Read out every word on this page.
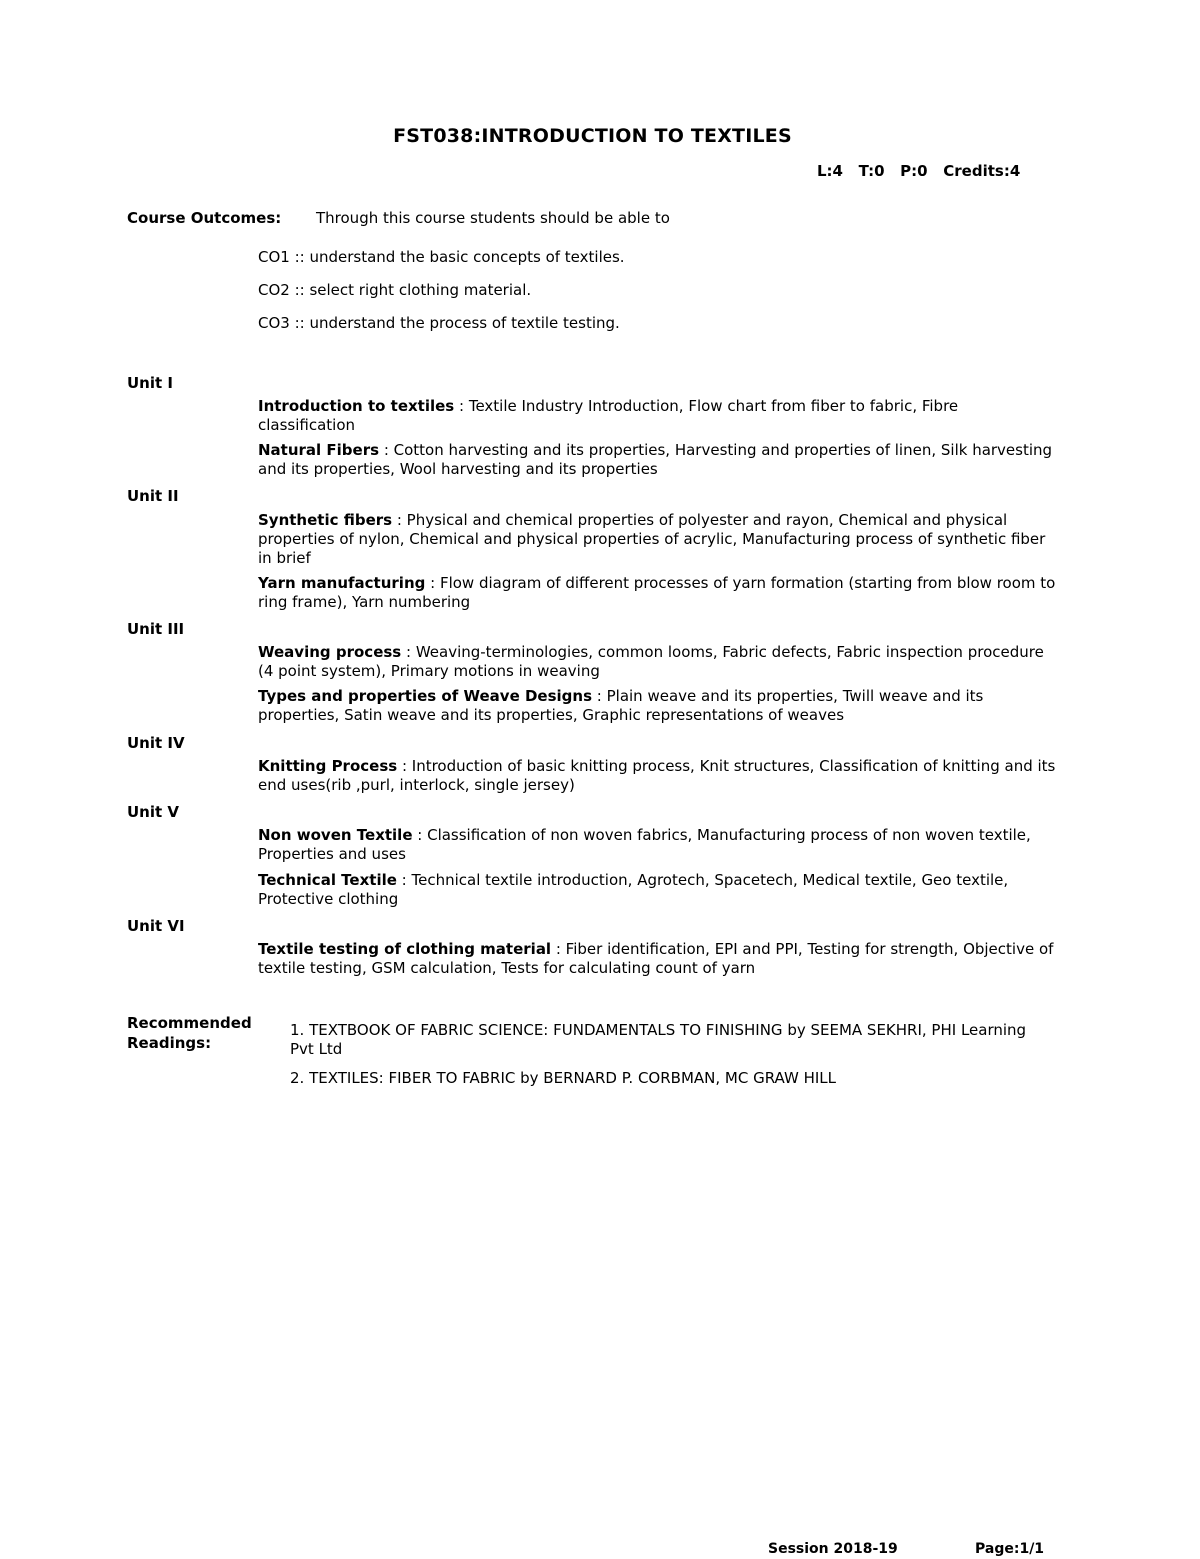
FST038:INTRODUCTION TO TEXTILES
L:4   T:0   P:0   Credits:4
Course Outcomes: Through this course students should be able to
CO1 :: understand the basic concepts of textiles.
CO2 :: select right clothing material.
CO3 :: understand the process of textile testing.
Unit I
Introduction to textiles : Textile Industry Introduction, Flow chart from fiber to fabric, Fibre classification
Natural Fibers : Cotton harvesting and its properties, Harvesting and properties of linen, Silk harvesting and its properties, Wool harvesting and its properties
Unit II
Synthetic fibers : Physical and chemical properties of polyester and rayon, Chemical and physical properties of nylon, Chemical and physical properties of acrylic, Manufacturing process of synthetic fiber in brief
Yarn manufacturing : Flow diagram of different processes of yarn formation (starting from blow room to ring frame), Yarn numbering
Unit III
Weaving process : Weaving-terminologies, common looms, Fabric defects, Fabric inspection procedure (4 point system), Primary motions in weaving
Types and properties of Weave Designs : Plain weave and its properties, Twill weave and its properties, Satin weave and its properties, Graphic representations of weaves
Unit IV
Knitting Process : Introduction of basic knitting process, Knit structures, Classification of knitting and its end uses(rib ,purl, interlock, single jersey)
Unit V
Non woven Textile : Classification of non woven fabrics, Manufacturing process of non woven textile, Properties and uses
Technical Textile : Technical textile introduction, Agrotech, Spacetech, Medical textile, Geo textile, Protective clothing
Unit VI
Textile testing of clothing material : Fiber identification, EPI and PPI, Testing for strength, Objective of textile testing, GSM calculation, Tests for calculating count of yarn
Recommended Readings:
1. TEXTBOOK OF FABRIC SCIENCE: FUNDAMENTALS TO FINISHING by SEEMA SEKHRI, PHI Learning Pvt Ltd
2. TEXTILES: FIBER TO FABRIC by BERNARD P. CORBMAN, MC GRAW HILL
Session 2018-19	Page:1/1
